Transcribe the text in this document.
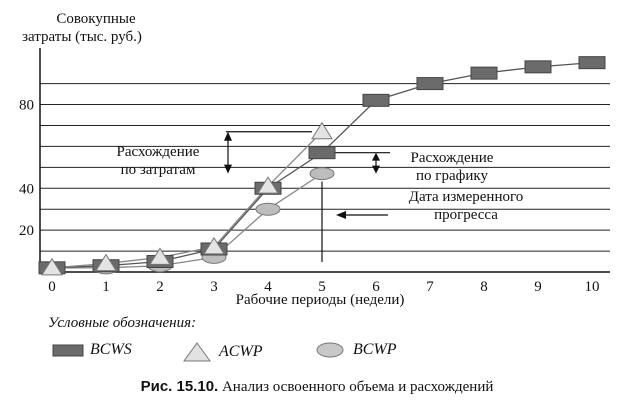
Совокупные
затраты (тыс. руб.)
20
40
80
0	1	2	3	4	5	6	7	8	9	10
Рабочие периоды (недели)
Расхождение по затратам
Расхождение по графику
Дата измеренного прогресса
Условные обозначения:
BCWS	ACWP	BCWP
Рис. 15.10. Анализ освоенного объема и расхождений
